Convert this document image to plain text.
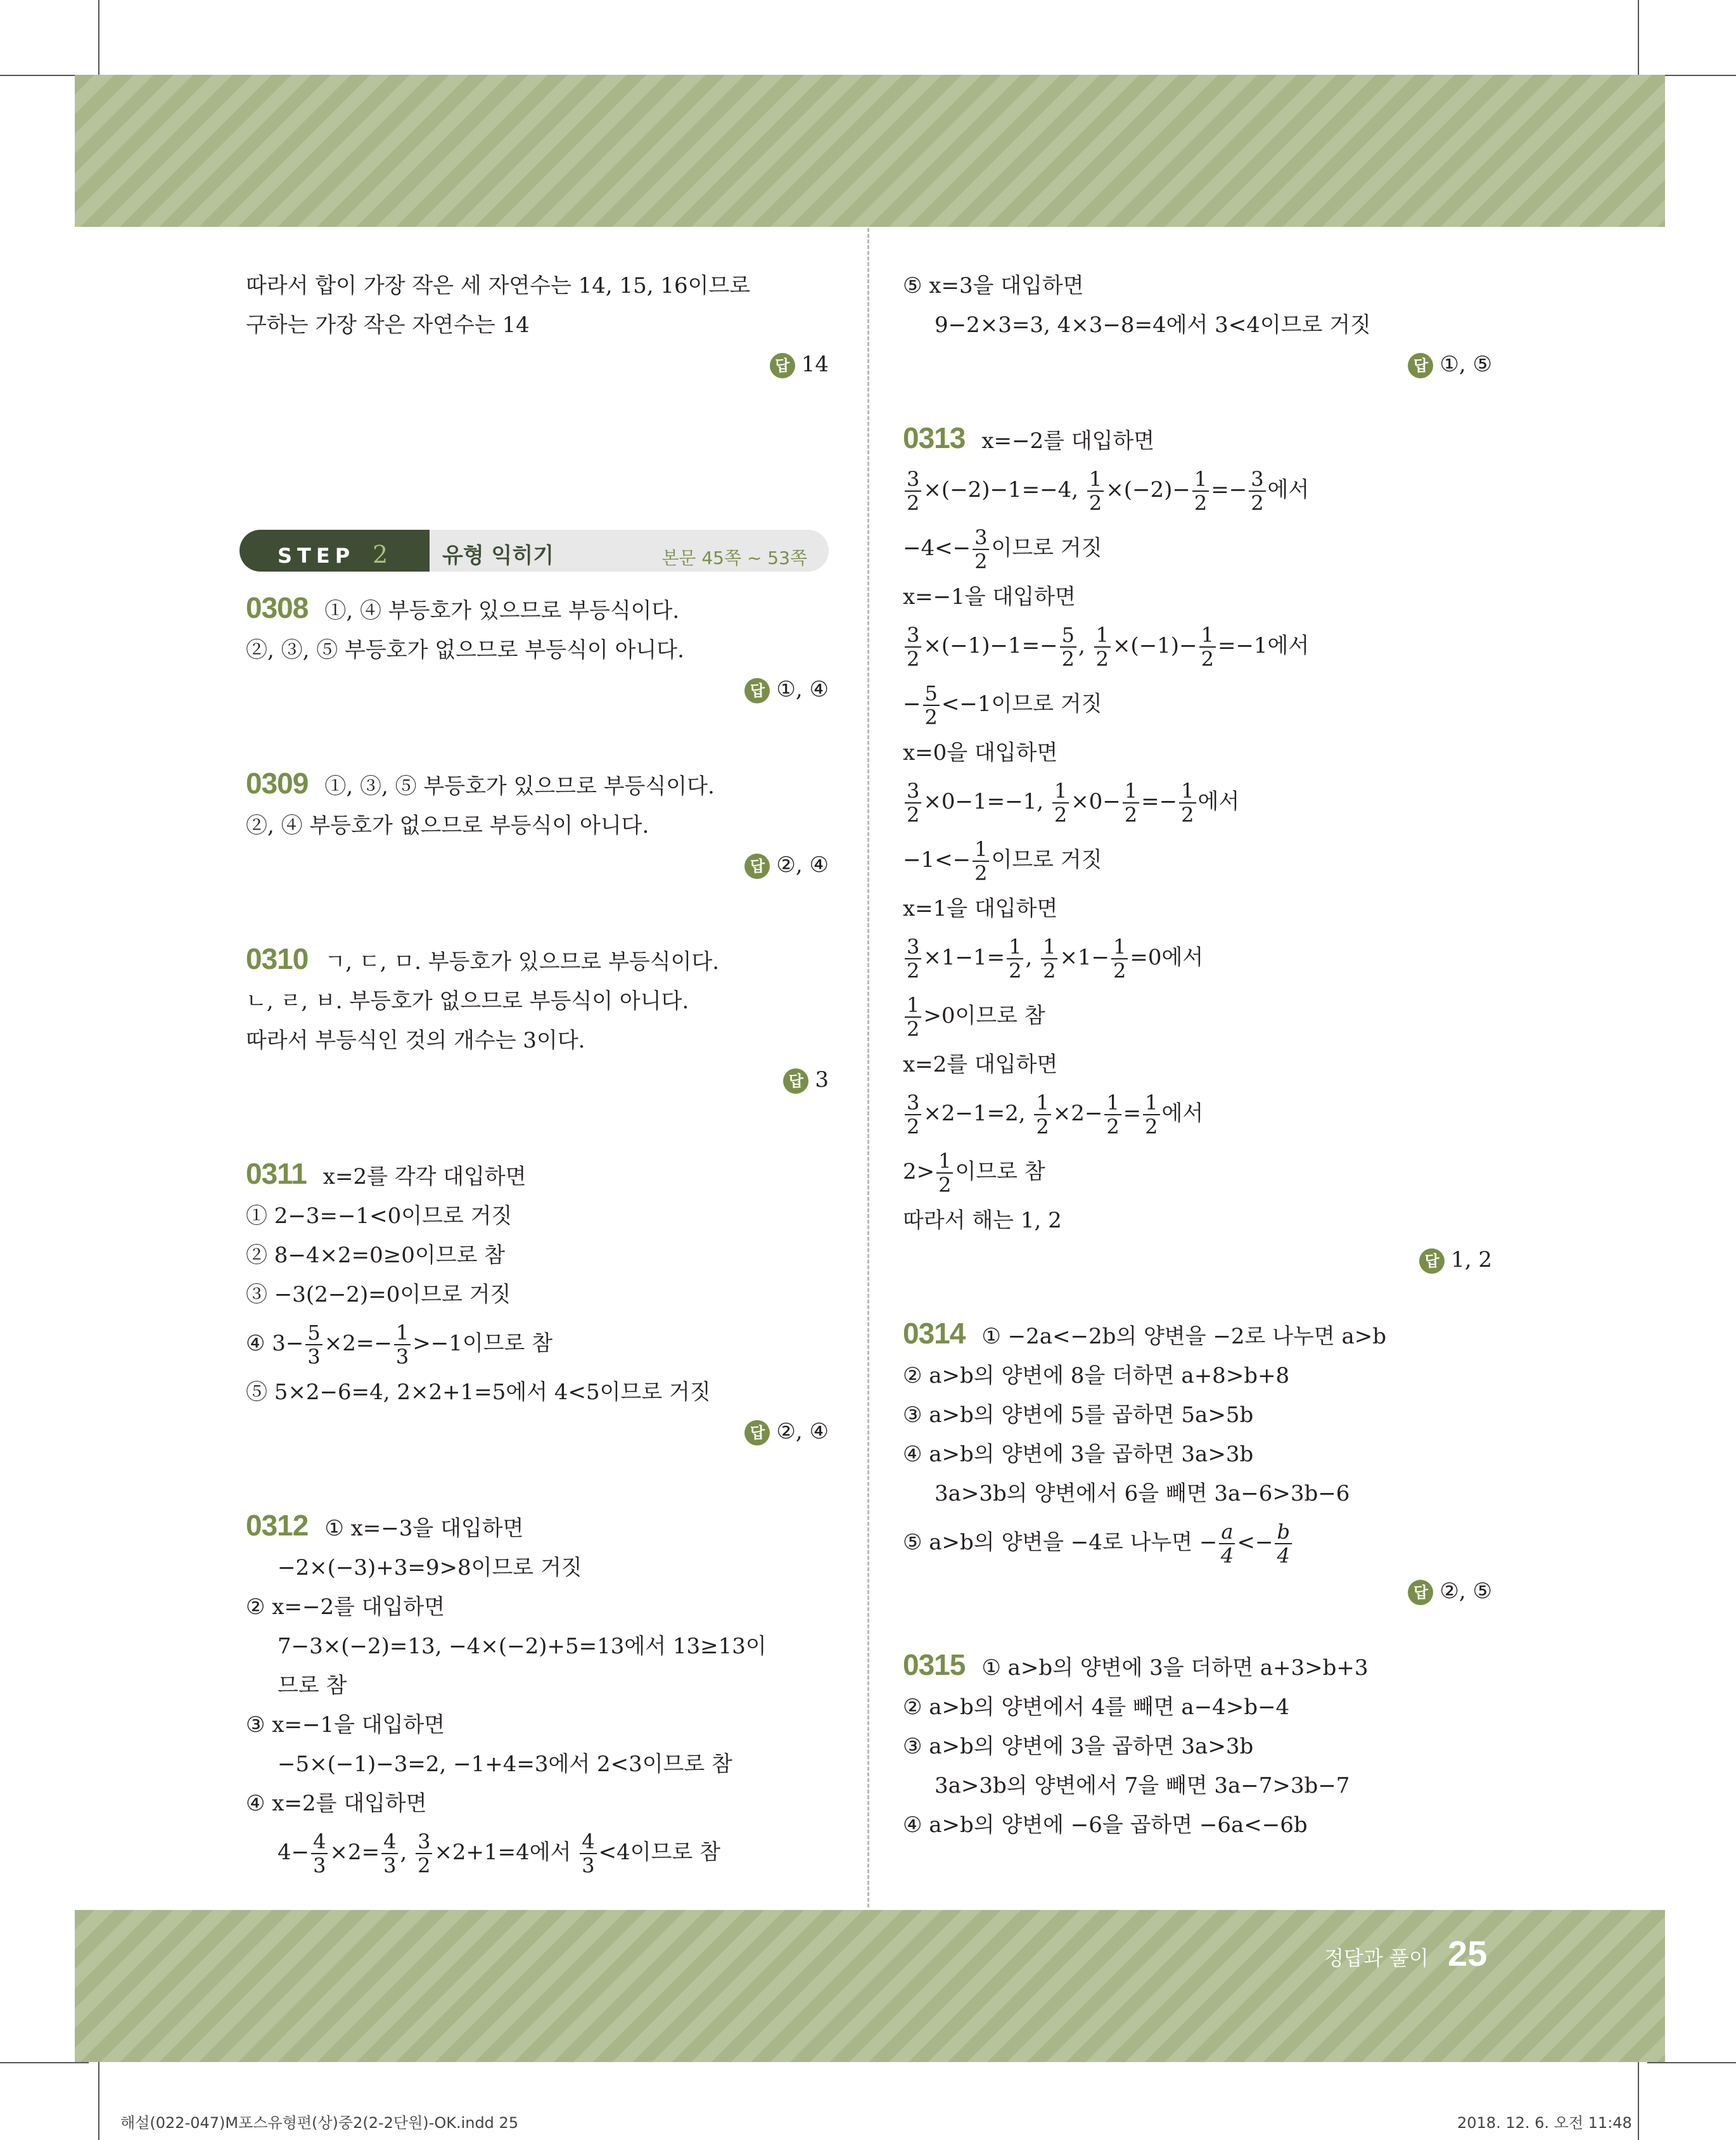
따라서 합이 가장 작은 세 자연수는 14, 15, 16이므로
구하는 가장 작은 자연수는 14
답 14
STEP 2	유형 익히기	본문 45쪽 ~ 53쪽
0308 ①, ④ 부등호가 있으므로 부등식이다.
②, ③, ⑤ 부등호가 없으므로 부등식이 아니다.
답 ①, ④
0309 ①, ③, ⑤ 부등호가 있으므로 부등식이다.
②, ④ 부등호가 없으므로 부등식이 아니다.
답 ②, ④
0310 ㄱ, ㄷ, ㅁ. 부등호가 있으므로 부등식이다.
ㄴ, ㄹ, ㅂ. 부등호가 없으므로 부등식이 아니다.
따라서 부등식인 것의 개수는 3이다.
답 3
0311 x=2를 각각 대입하면
① 2−3=−1<0이므로 거짓
② 8−4×2=0≥0이므로 참
③ −3(2−2)=0이므로 거짓
④ $3- \frac{5}{3} \times 2=- \frac{1}{3} >-1$이므로 참
⑤ 5×2−6=4, 2×2+1=5에서 4<5이므로 거짓
답 ②, ④
0312 ① x=−3을 대입하면
−2×(−3)+3=9>8이므로 거짓
② x=−2를 대입하면
7−3×(−2)=13, −4×(−2)+5=13에서 13≥13이
므로 참
③ x=−1을 대입하면
−5×(−1)−3=2, −1+4=3에서 2<3이므로 참
④ x=2를 대입하면
$4- \frac{4}{3} \times 2= \frac{4}{3}$ , $\frac{3}{2} \times 2+1=4$에서 $\frac{4}{3} <4$이므로 참
⑤ x=3을 대입하면
9−2×3=3, 4×3−8=4에서 3<4이므로 거짓
답 ①, ⑤
0313 x=−2를 대입하면
$\frac{3}{2} \times(-2)-1=-4$, $\frac{1}{2} \times(-2)- \frac{1}{2} =- \frac{3}{2}$ 에서
$-4<- \frac{3}{2}$ 이므로 거짓
x=−1을 대입하면
$\frac{3}{2} \times(-1)-1=- \frac{5}{2}$ , $\frac{1}{2} \times(-1)- \frac{1}{2} =-1$에서
− $\frac{5}{2} <-1$이므로 거짓
x=0을 대입하면
$\frac{3}{2} \times 0-1=-1$, $\frac{1}{2} \times 0- \frac{1}{2} =- \frac{1}{2}$ 에서
$-1<- \frac{1}{2}$ 이므로 거짓
x=1을 대입하면
$\frac{3}{2} \times 1-1= \frac{1}{2}$ , $\frac{1}{2} \times 1- \frac{1}{2} =0$에서
$\frac{1}{2} >0$이므로 참
x=2를 대입하면
$\frac{3}{2} \times 2-1=2$, $\frac{1}{2} \times 2- \frac{1}{2} = \frac{1}{2}$ 에서
$2> \frac{1}{2}$ 이므로 참
따라서 해는 1, 2
답 1, 2
0314 ① −2a<−2b의 양변을 −2로 나누면 a>b
② a>b의 양변에 8을 더하면 a+8>b+8
③ a>b의 양변에 5를 곱하면 5a>5b
④ a>b의 양변에 3을 곱하면 3a>3b
3a>3b의 양변에서 6을 빼면 3a−6>3b−6
⑤ a>b의 양변을 −4로 나누면 − $\frac{a}{4} <- \frac{b}{4}$
답 ②, ⑤
0315 ① a>b의 양변에 3을 더하면 a+3>b+3
② a>b의 양변에서 4를 빼면 a−4>b−4
③ a>b의 양변에 3을 곱하면 3a>3b
3a>3b의 양변에서 7을 빼면 3a−7>3b−7
④ a>b의 양변에 −6을 곱하면 −6a<−6b
정답과 풀이 25
해설(022-047)M포스유형편(상)중2(2-2단원)-OK.indd 25	2018. 12. 6. 오전 11:48
